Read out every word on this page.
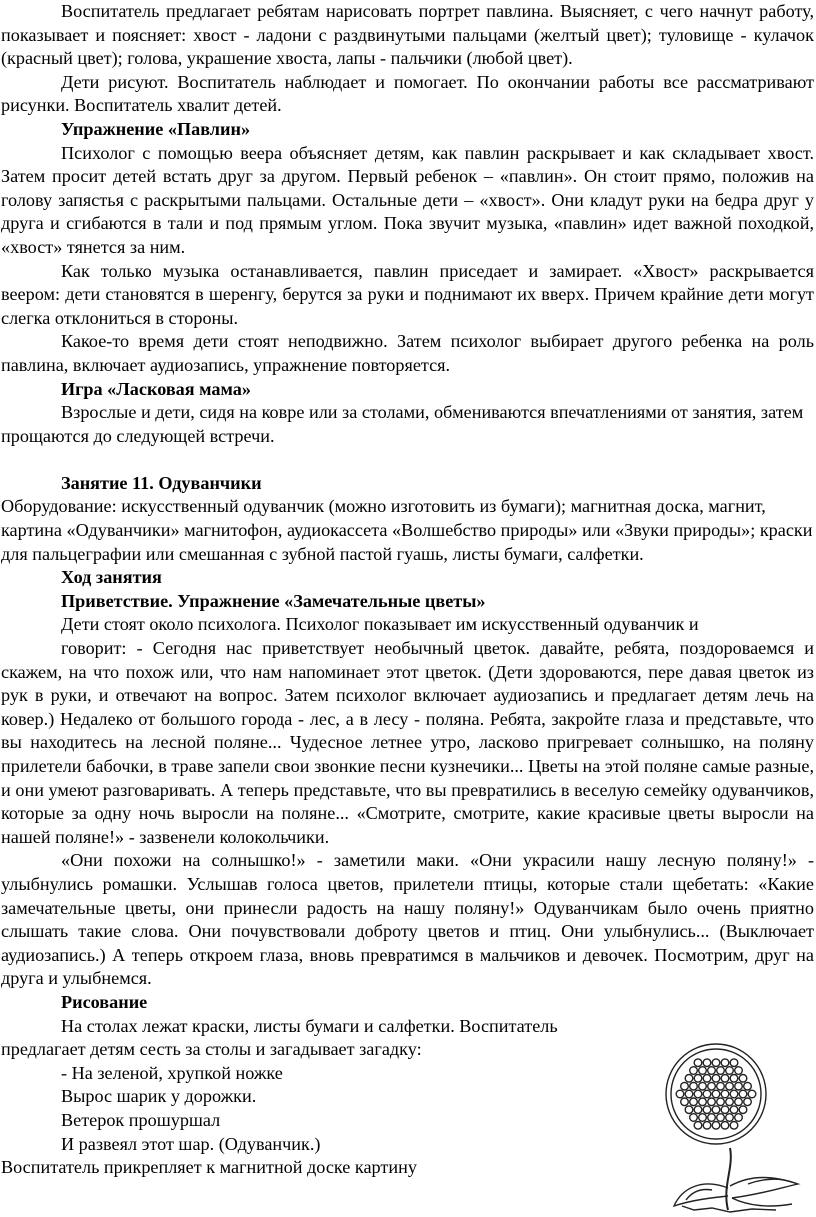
Воспитатель предлагает ребятам нарисовать портрет павлина. Выясняет, с чего начнут работу, показывает и поясняет: хвост - ладони с раздвинутыми пальцами (желтый цвет); туловище - кулачок (красный цвет); голова, украшение хвоста, лапы - пальчики (любой цвет).

Дети рисуют. Воспитатель наблюдает и помогает. По окончании работы все рассматривают рисунки. Воспитатель хвалит детей.

Упражнение «Павлин»

Психолог с помощью веера объясняет детям, как павлин раскрывает и как складывает хвост. Затем просит детей встать друг за другом. Первый ребенок – «павлин». Он стоит прямо, положив на голову запястья с раскрытыми пальцами. Остальные дети – «хвост». Они кладут руки на бедра друг у друга и сгибаются в тали и под прямым углом. Пока звучит музыка, «павлин» идет важной походкой, «хвост» тянется за ним.

Как только музыка останавливается, павлин приседает и замирает. «Хвост» раскрывается веером: дети становятся в шеренгу, берутся за руки и поднимают их вверх. Причем крайние дети могут слегка отклониться в стороны.

Какое-то время дети стоят неподвижно. Затем психолог выбирает другого ребенка на роль павлина, включает аудиозапись, упражнение повторяется.

Игра «Ласковая мама»

Взрослые и дети, сидя на ковре или за столами, обмениваются впечатлениями от занятия, затем прощаются до следующей встречи.

Занятие 11. Одуванчики

Оборудование: искусственный одуванчик (можно изготовить из бумаги); магнитная доска, магнит, картина «Одуванчики» магнитофон, аудиокассета «Волшебство природы» или «Звуки природы»; краски для пальцеграфии или смешанная с зубной пастой гуашь, листы бумаги, салфетки.

Ход занятия

Приветствие. Упражнение «Замечательные цветы»

Дети стоят около психолога. Психолог показывает им искусственный одуванчик и

говорит: - Сегодня нас приветствует необычный цветок. давайте, ребята, поздороваемся и скажем, на что похож или, что нам напоминает этот цветок. (Дети здороваются, пере давая цветок из рук в руки, и отвечают на вопрос. Затем психолог включает аудиозапись и предлагает детям лечь на ковер.) Недалеко от большого города - лес, а в лесу - поляна. Ребята, закройте глаза и представьте, что вы находитесь на лесной поляне... Чудесное летнее утро, ласково пригревает солнышко, на поляну прилетели бабочки, в траве запели свои звонкие песни кузнечики... Цветы на этой поляне самые разные, и они умеют разговаривать. А теперь представьте, что вы превратились в веселую семейку одуванчиков, которые за одну ночь выросли на поляне... «Смотрите, смотрите, какие красивые цветы выросли на нашей поляне!» - зазвенели колокольчики.

«Они похожи на солнышко!» - заметили маки. «Они украсили нашу лесную поляну!» - улыбнулись ромашки. Услышав голоса цветов, прилетели птицы, которые стали щебетать: «Какие замечательные цветы, они принесли радость на нашу поляну!» Одуванчикам было очень приятно слышать такие слова. Они почувствовали доброту цветов и птиц. Они улыбнулись... (Выключает аудиозапись.) А теперь откроем глаза, вновь превратимся в мальчиков и девочек. Посмотрим, друг на друга и улыбнемся.

Рисование

На столах лежат краски, листы бумаги и салфетки. Воспитатель предлагает детям сесть за столы и загадывает загадку:

- На зеленой, хрупкой ножке

Вырос шарик у дорожки.

Ветерок прошуршал

И развеял этот шар. (Одуванчик.)

Воспитатель прикрепляет к магнитной доске картину
